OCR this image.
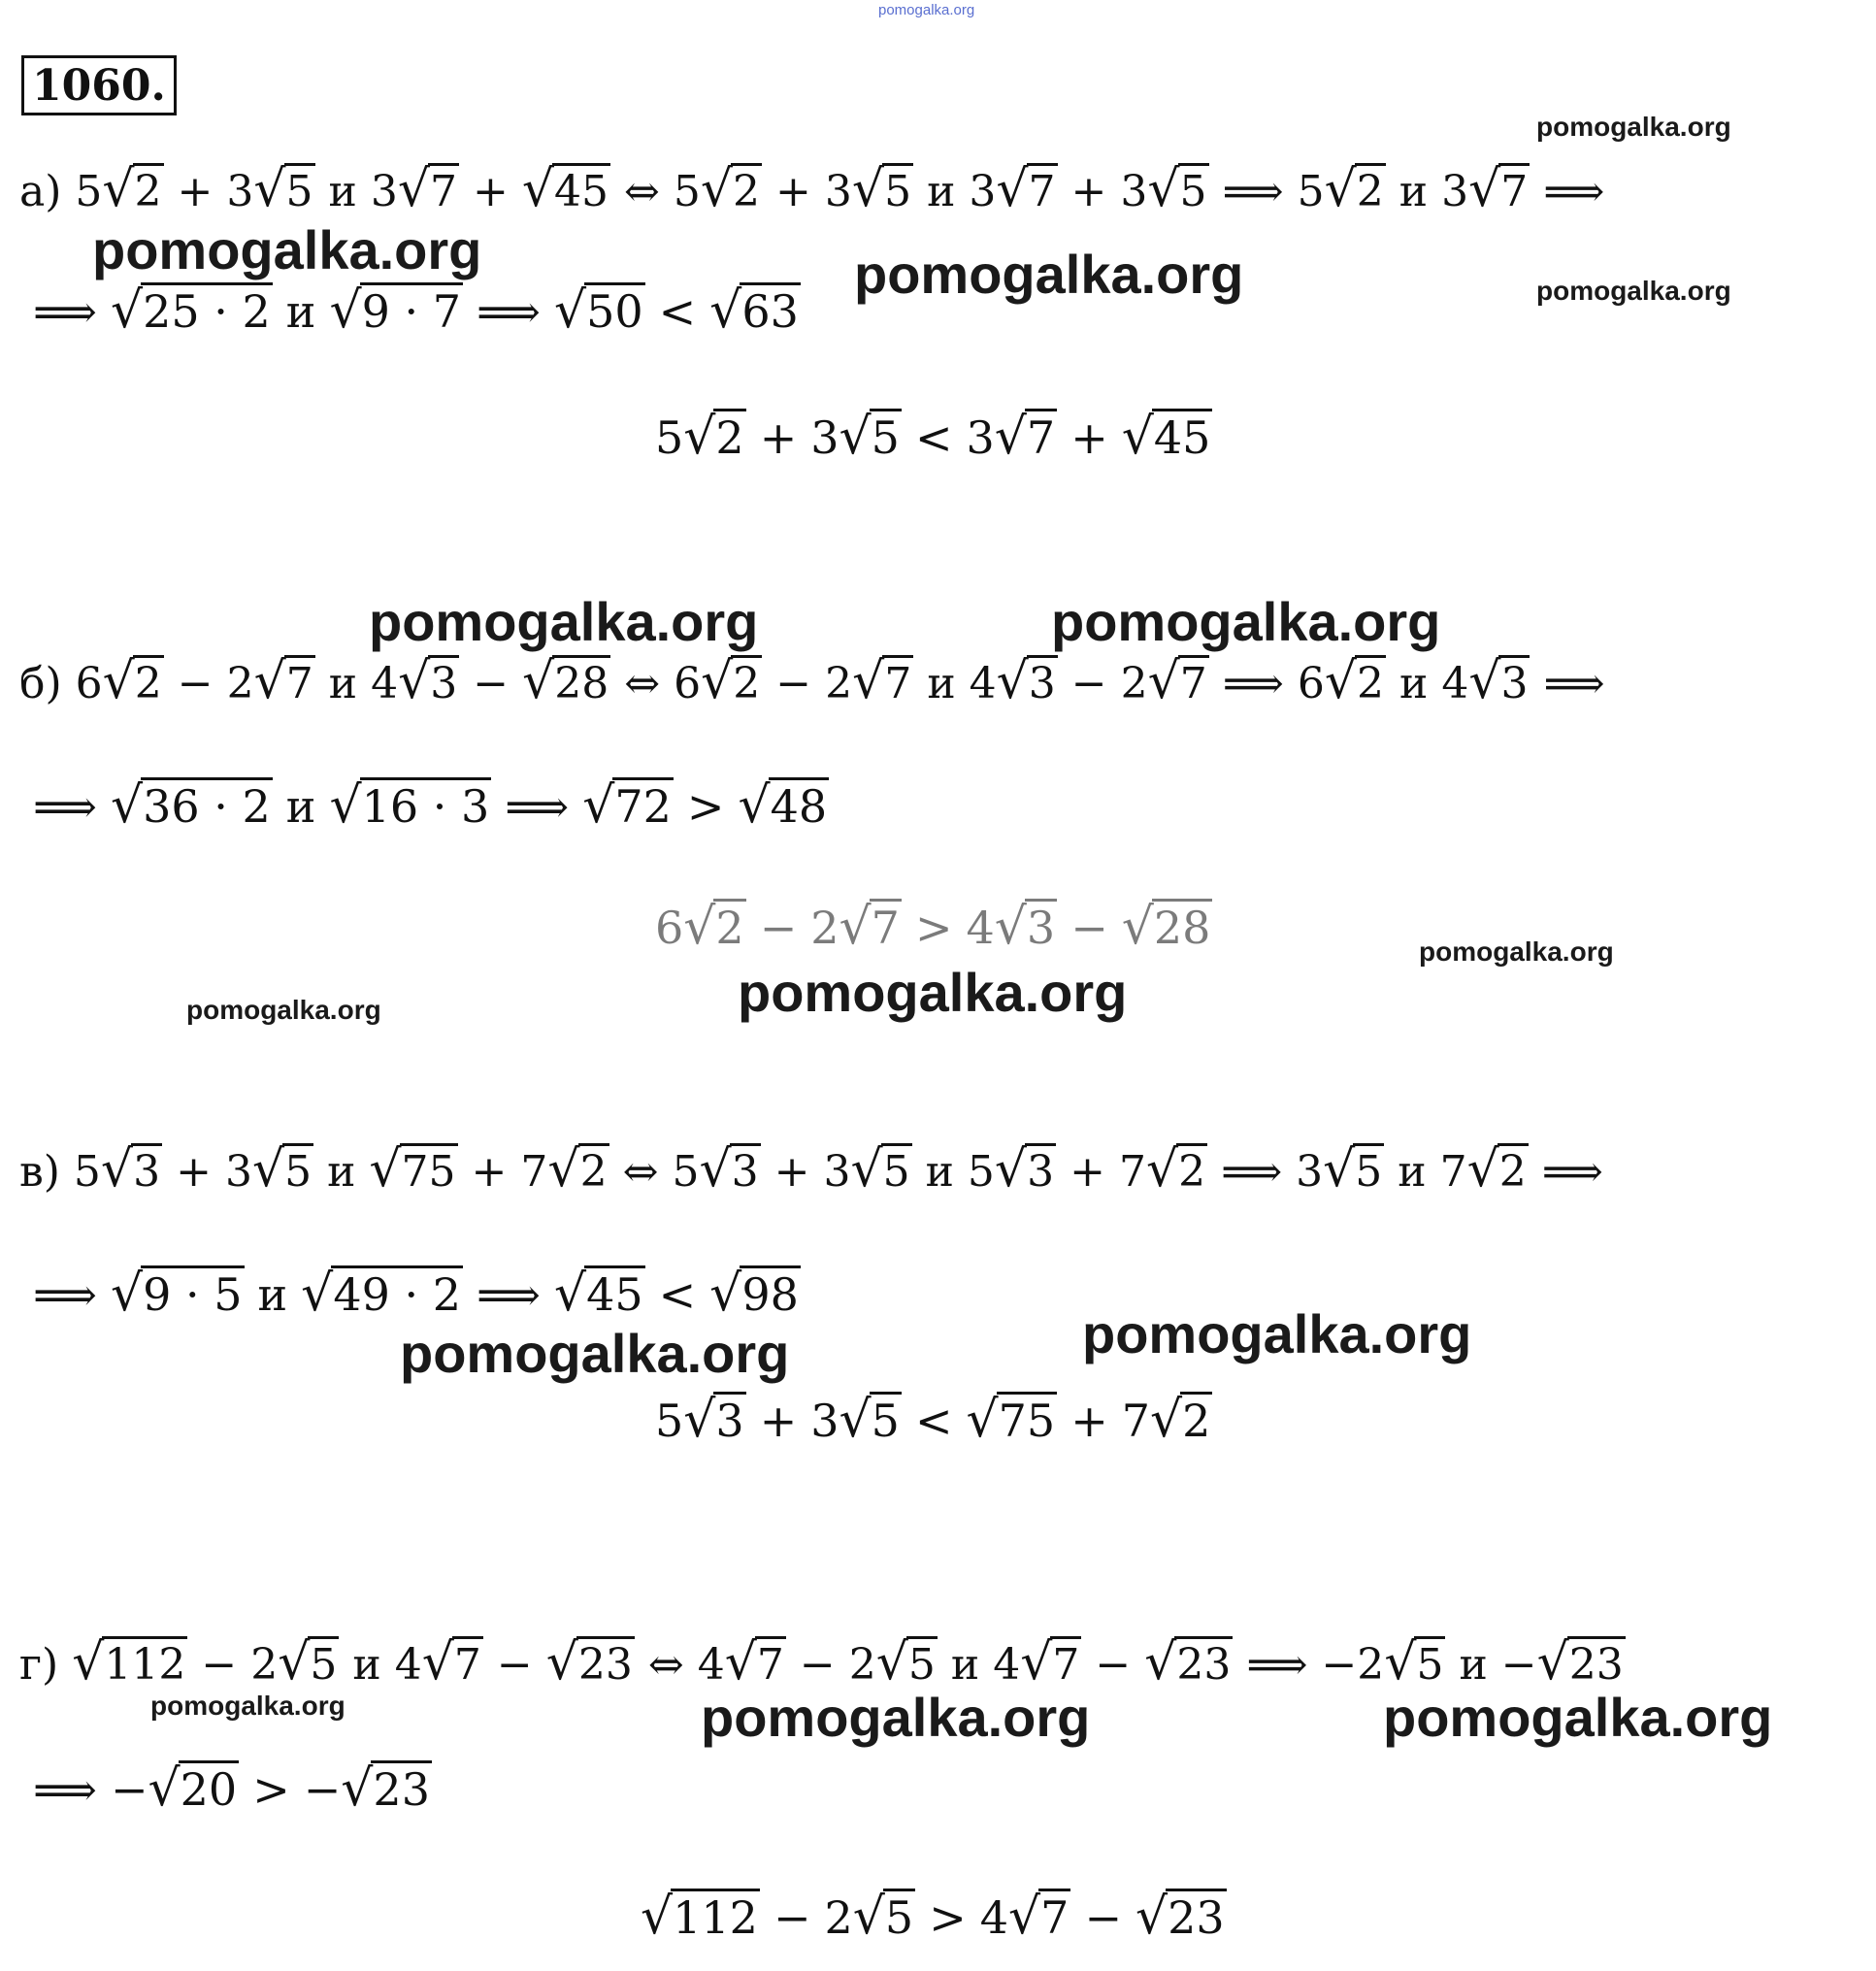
pomogalka.org
1060.
а) 5 √ 2 + 3 √ 5 и 3 √ 7 + √ 45 ⇔ 5 √ 2 + 3 √ 5 и 3 √ 7 + 3 √ 5 ⟹ 5 √ 2 и 3 √ 7 ⟹
⟹ √ 25 · 2 и √ 9 · 7 ⟹ √ 50 < √ 63
5 √ 2 + 3 √ 5 < 3 √ 7 + √ 45
б) 6 √ 2 − 2 √ 7 и 4 √ 3 − √ 28 ⇔ 6 √ 2 − 2 √ 7 и 4 √ 3 − 2 √ 7 ⟹ 6 √ 2 и 4 √ 3 ⟹
⟹ √ 36 · 2 и √ 16 · 3 ⟹ √ 72 > √ 48
6 √ 2 − 2 √ 7 > 4 √ 3 − √ 28
в) 5 √ 3 + 3 √ 5 и √ 75 + 7 √ 2 ⇔ 5 √ 3 + 3 √ 5 и 5 √ 3 + 7 √ 2 ⟹ 3 √ 5 и 7 √ 2 ⟹
⟹ √ 9 · 5 и √ 49 · 2 ⟹ √ 45 < √ 98
5 √ 3 + 3 √ 5 < √ 75 + 7 √ 2
г) √ 112 − 2 √ 5 и 4 √ 7 − √ 23 ⇔ 4 √ 7 − 2 √ 5 и 4 √ 7 − √ 23 ⟹ −2 √ 5 и − √ 23
⟹ − √ 20 > − √ 23
√ 112 − 2 √ 5 > 4 √ 7 − √ 23
pomogalka.org
pomogalka.org	pomogalka.org	pomogalka.org
pomogalka.org	pomogalka.org
pomogalka.org
pomogalka.org
pomogalka.org
pomogalka.org
pomogalka.org
pomogalka.org	pomogalka.org	pomogalka.org
